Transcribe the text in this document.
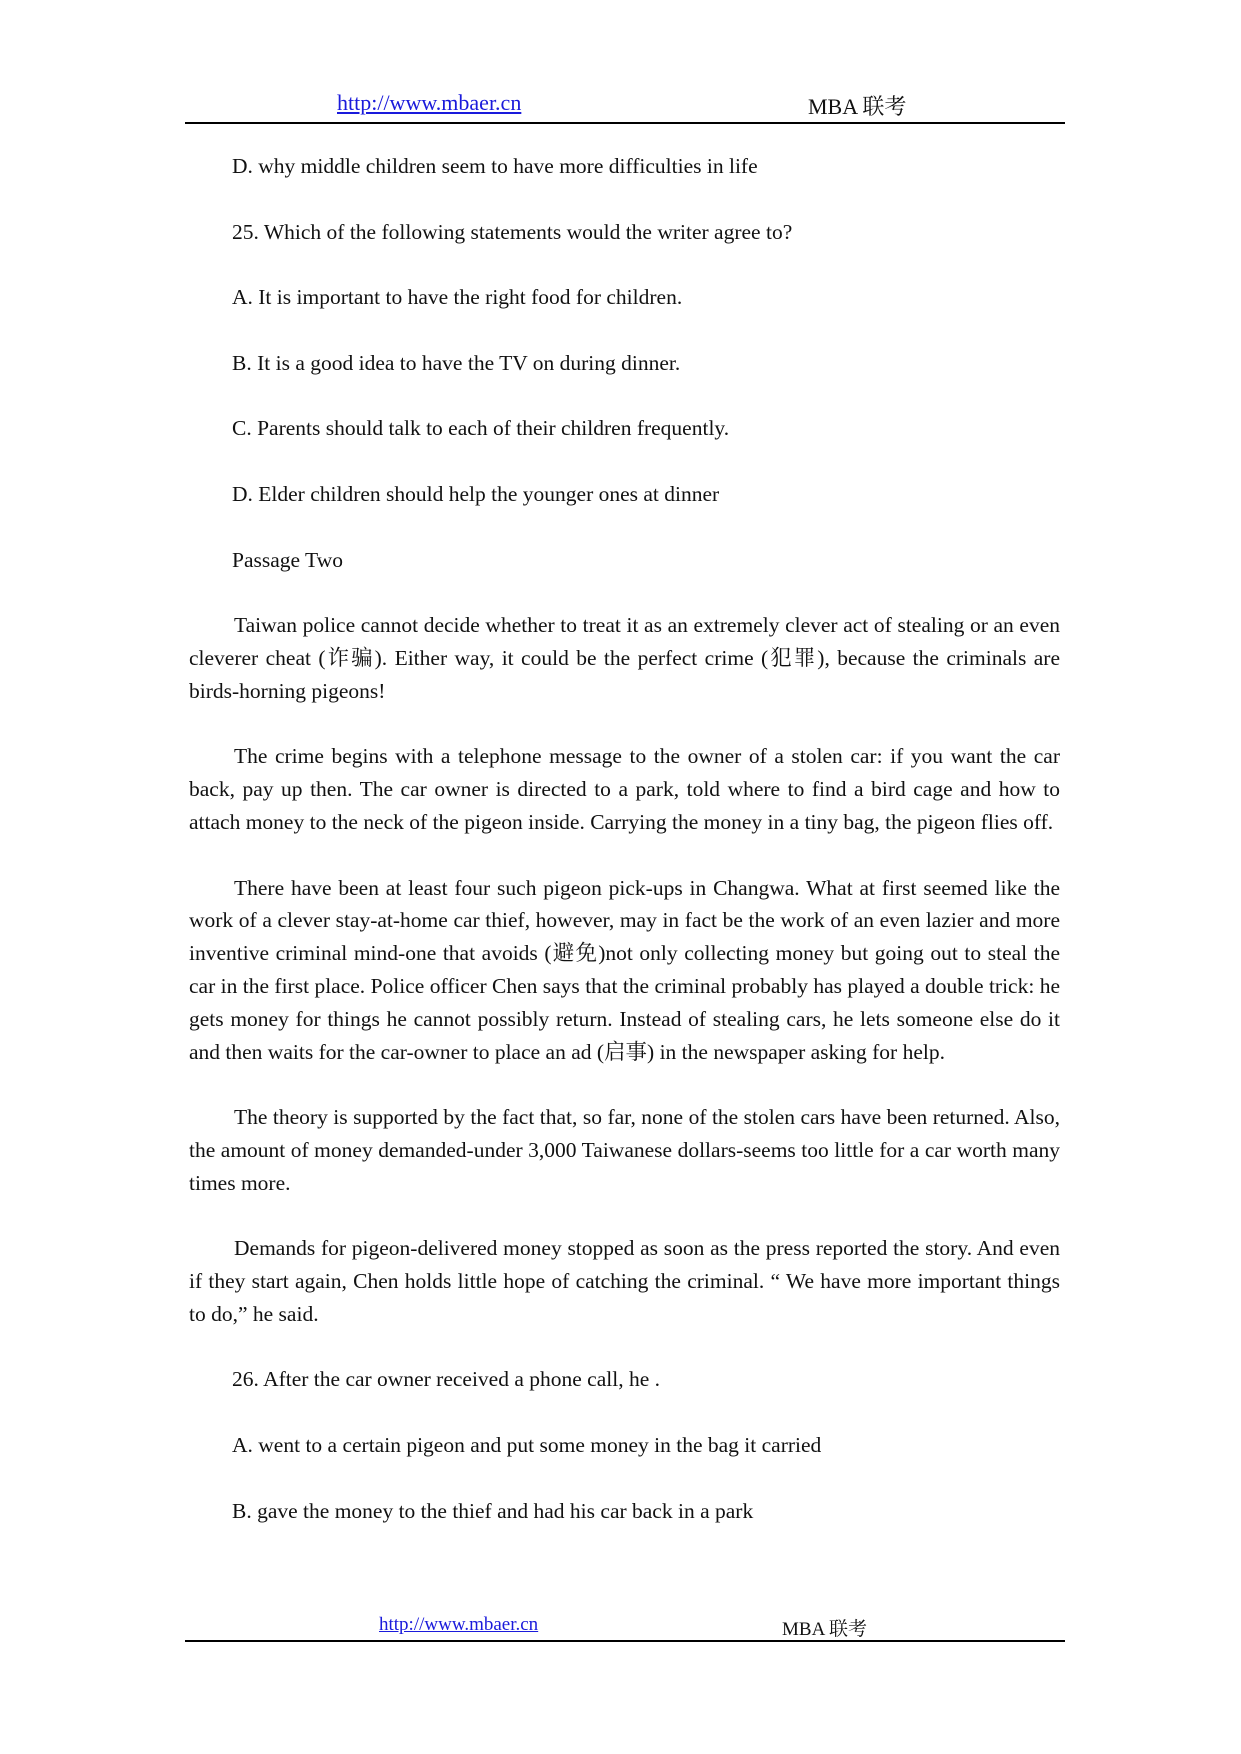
http://www.mbaer.cn	MBA 联考
D. why middle children seem to have more difficulties in life
25. Which of the following statements would the writer agree to?
A. It is important to have the right food for children.
B. It is a good idea to have the TV on during dinner.
C. Parents should talk to each of their children frequently.
D. Elder children should help the younger ones at dinner
Passage Two
Taiwan police cannot decide whether to treat it as an extremely clever act of stealing or an even cleverer cheat (诈骗). Either way, it could be the perfect crime (犯罪), because the criminals are birds-horning pigeons!
The crime begins with a telephone message to the owner of a stolen car: if you want the car back, pay up then. The car owner is directed to a park, told where to find a bird cage and how to attach money to the neck of the pigeon inside. Carrying the money in a tiny bag, the pigeon flies off.
There have been at least four such pigeon pick-ups in Changwa. What at first seemed like the work of a clever stay-at-home car thief, however, may in fact be the work of an even lazier and more inventive criminal mind-one that avoids (避免)not only collecting money but going out to steal the car in the first place. Police officer Chen says that the criminal probably has played a double trick: he gets money for things he cannot possibly return. Instead of stealing cars, he lets someone else do it and then waits for the car-owner to place an ad (启事) in the newspaper asking for help.
The theory is supported by the fact that, so far, none of the stolen cars have been returned. Also, the amount of money demanded-under 3,000 Taiwanese dollars-seems too little for a car worth many times more.
Demands for pigeon-delivered money stopped as soon as the press reported the story. And even if they start again, Chen holds little hope of catching the criminal. “ We have more important things to do,” he said.
26. After the car owner received a phone call, he .
A. went to a certain pigeon and put some money in the bag it carried
B. gave the money to the thief and had his car back in a park
http://www.mbaer.cn	MBA 联考
